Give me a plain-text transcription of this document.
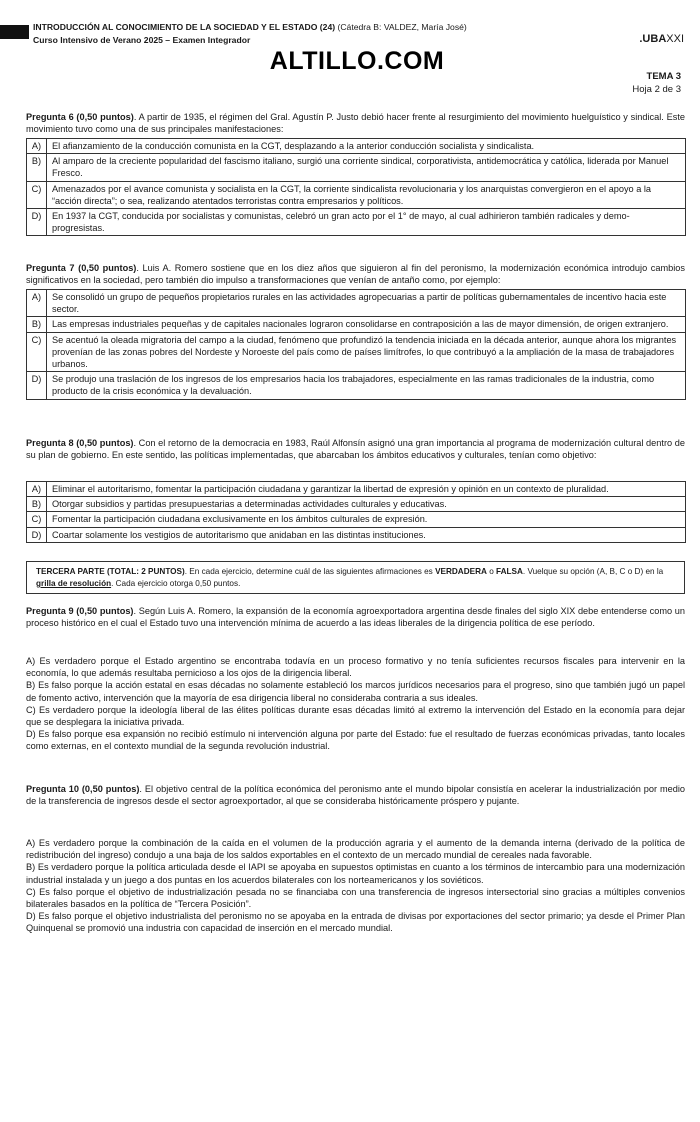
INTRODUCCIÓN AL CONOCIMIENTO DE LA SOCIEDAD Y EL ESTADO (24) (Cátedra B: VALDEZ, María José)
Curso Intensivo de Verano 2025 – Examen Integrador	.UBAXXI
ALTILLO.COM
TEMA 3
Hoja 2 de 3
Pregunta 6 (0,50 puntos). A partir de 1935, el régimen del Gral. Agustín P. Justo debió hacer frente al resurgimiento del movimiento huelguístico y sindical. Este movimiento tuvo como una de sus principales manifestaciones:
A)	El afianzamiento de la conducción comunista en la CGT, desplazando a la anterior conducción socialista y sindicalista.
B)	Al amparo de la creciente popularidad del fascismo italiano, surgió una corriente sindical, corporativista, antidemocrática y católica, liderada por Manuel Fresco.
C)	Amenazados por el avance comunista y socialista en la CGT, la corriente sindicalista revolucionaria y los anarquistas convergieron en el apoyo a la “acción directa”; o sea, realizando atentados terroristas contra empresarios y políticos.
D)	En 1937 la CGT, conducida por socialistas y comunistas, celebró un gran acto por el 1° de mayo, al cual adhirieron también radicales y demo-progresistas.
Pregunta 7 (0,50 puntos). Luis A. Romero sostiene que en los diez años que siguieron al fin del peronismo, la modernización económica introdujo cambios significativos en la sociedad, pero también dio impulso a transformaciones que venían de antaño como, por ejemplo:
A)	Se consolidó un grupo de pequeños propietarios rurales en las actividades agropecuarias a partir de políticas gubernamentales de incentivo hacia este sector.
B)	Las empresas industriales pequeñas y de capitales nacionales lograron consolidarse en contraposición a las de mayor dimensión, de origen extranjero.
C)	Se acentuó la oleada migratoria del campo a la ciudad, fenómeno que profundizó la tendencia iniciada en la década anterior, aunque ahora los migrantes provenían de las zonas pobres del Nordeste y Noroeste del país como de países limítrofes, lo que contribuyó a la ampliación de la masa de trabajadores urbanos.
D)	Se produjo una traslación de los ingresos de los empresarios hacia los trabajadores, especialmente en las ramas tradicionales de la industria, como producto de la crisis económica y la devaluación.
Pregunta 8 (0,50 puntos). Con el retorno de la democracia en 1983, Raúl Alfonsín asignó una gran importancia al programa de modernización cultural dentro de su plan de gobierno. En este sentido, las políticas implementadas, que abarcaban los ámbitos educativos y culturales, tenían como objetivo:
A)	Eliminar el autoritarismo, fomentar la participación ciudadana y garantizar la libertad de expresión y opinión en un contexto de pluralidad.
B)	Otorgar subsidios y partidas presupuestarias a determinadas actividades culturales y educativas.
C)	Fomentar la participación ciudadana exclusivamente en los ámbitos culturales de expresión.
D)	Coartar solamente los vestigios de autoritarismo que anidaban en las distintas instituciones.
TERCERA PARTE (TOTAL: 2 PUNTOS). En cada ejercicio, determine cuál de las siguientes afirmaciones es VERDADERA o FALSA. Vuelque su opción (A, B, C o D) en la grilla de resolución. Cada ejercicio otorga 0,50 puntos.
Pregunta 9 (0,50 puntos). Según Luis A. Romero, la expansión de la economía agroexportadora argentina desde finales del siglo XIX debe entenderse como un proceso histórico en el cual el Estado tuvo una intervención mínima de acuerdo a las ideas liberales de la dirigencia política de ese período.

A) Es verdadero porque el Estado argentino se encontraba todavía en un proceso formativo y no tenía suficientes recursos fiscales para intervenir en la economía, lo que además resultaba pernicioso a los ojos de la dirigencia liberal.

B) Es falso porque la acción estatal en esas décadas no solamente estableció los marcos jurídicos necesarios para el progreso, sino que también jugó un papel de fomento activo, intervención que la mayoría de esa dirigencia liberal no consideraba contraria a sus ideales.

C) Es verdadero porque la ideología liberal de las élites políticas durante esas décadas limitó al extremo la intervención del Estado en la economía para dejar que se desplegara la iniciativa privada.

D) Es falso porque esa expansión no recibió estímulo ni intervención alguna por parte del Estado: fue el resultado de fuerzas económicas privadas, tanto locales como externas, en el contexto mundial de la segunda revolución industrial.

Pregunta 10 (0,50 puntos). El objetivo central de la política económica del peronismo ante el mundo bipolar consistía en acelerar la industrialización por medio de la transferencia de ingresos desde el sector agroexportador, al que se consideraba históricamente próspero y pujante.

A) Es verdadero porque la combinación de la caída en el volumen de la producción agraria y el aumento de la demanda interna (derivado de la política de redistribución del ingreso) condujo a una baja de los saldos exportables en el contexto de un mercado mundial de cereales nada favorable.

B) Es verdadero porque la política articulada desde el IAPI se apoyaba en supuestos optimistas en cuanto a los términos de intercambio para una modernización industrial instalada y un juego a dos puntas en los acuerdos bilaterales con los norteamericanos y los soviéticos.

C) Es falso porque el objetivo de industrialización pesada no se financiaba con una transferencia de ingresos intersectorial sino gracias a múltiples convenios bilaterales basados en la política de “Tercera Posición”.

D) Es falso porque el objetivo industrialista del peronismo no se apoyaba en la entrada de divisas por exportaciones del sector primario; ya desde el Primer Plan Quinquenal se promovió una industria con capacidad de inserción en el mercado mundial.
